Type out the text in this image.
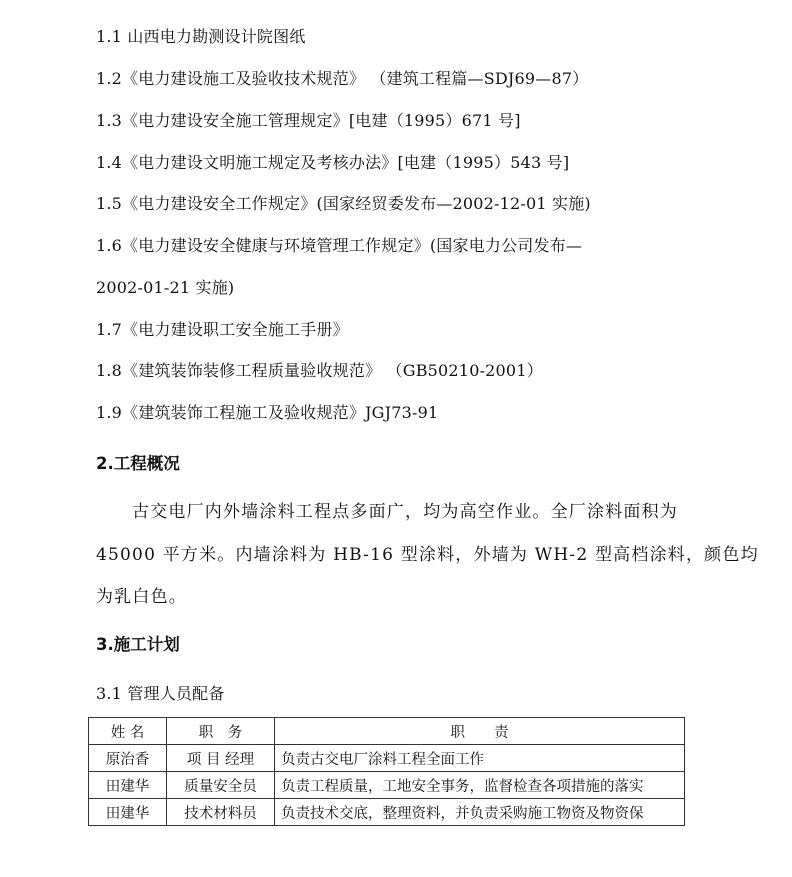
1.1 山西电力勘测设计院图纸
1.2《电力建设施工及验收技术规范》 （建筑工程篇—SDJ69—87）
1.3《电力建设安全施工管理规定》[电建（1995）671 号]
1.4《电力建设文明施工规定及考核办法》[电建（1995）543 号]
1.5《电力建设安全工作规定》(国家经贸委发布—2002-12-01 实施)
1.6《电力建设安全健康与环境管理工作规定》(国家电力公司发布—
2002-01-21 实施)
1.7《电力建设职工安全施工手册》
1.8《建筑装饰装修工程质量验收规范》 （GB50210-2001）
1.9《建筑装饰工程施工及验收规范》JGJ73-91
2.工程概况
古交电厂内外墙涂料工程点多面广，均为高空作业。全厂涂料面积为
45000 平方米。内墙涂料为 HB-16 型涂料，外墙为 WH-2 型高档涂料，颜色均
为乳白色。
3.施工计划
3.1 管理人员配备
姓 名	职　务	职　　责
原治香	项 目 经理	负责古交电厂涂料工程全面工作
田建华	质量安全员	负责工程质量，工地安全事务，监督检查各项措施的落实
田建华	技术材料员	负责技术交底，整理资料，并负责采购施工物资及物资保
